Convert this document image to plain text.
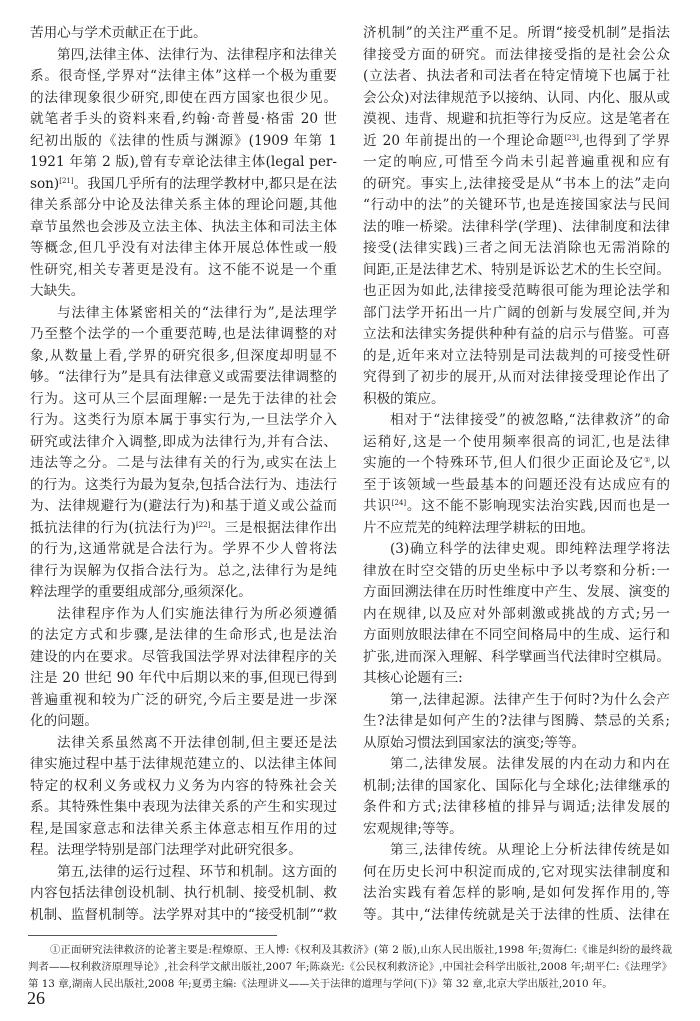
苦用心与学术贡献正在于此。
第四,法律主体、法律行为、法律程序和法律关
系。很奇怪,学界对“法律主体”这样一个极为重要
的法律现象很少研究,即使在西方国家也很少见。
就笔者手头的资料来看,约翰·奇普曼·格雷 20 世
纪初出版的《法律的性质与渊源》(1909 年第 1
1921 年第 2 版),曾有专章论法律主体(legal per-
son)[21]。我国几乎所有的法理学教材中,都只是在法
律关系部分中论及法律关系主体的理论问题,其他
章节虽然也会涉及立法主体、执法主体和司法主体
等概念,但几乎没有对法律主体开展总体性或一般
性研究,相关专著更是没有。这不能不说是一个重
大缺失。
与法律主体紧密相关的“法律行为”,是法理学
乃至整个法学的一个重要范畴,也是法律调整的对
象,从数量上看,学界的研究很多,但深度却明显不
够。“法律行为”是具有法律意义或需要法律调整的
行为。这可从三个层面理解:一是先于法律的社会
行为。这类行为原本属于事实行为,一旦法学介入
研究或法律介入调整,即成为法律行为,并有合法、
违法等之分。二是与法律有关的行为,或实在法上
的行为。这类行为最为复杂,包括合法行为、违法行
为、法律规避行为(避法行为)和基于道义或公益而
抵抗法律的行为(抗法行为)[22]。三是根据法律作出
的行为,这通常就是合法行为。学界不少人曾将法
律行为误解为仅指合法行为。总之,法律行为是纯
粹法理学的重要组成部分,亟须深化。
法律程序作为人们实施法律行为所必须遵循
的法定方式和步骤,是法律的生命形式,也是法治
建设的内在要求。尽管我国法学界对法律程序的关
注是 20 世纪 90 年代中后期以来的事,但现已得到
普遍重视和较为广泛的研究,今后主要是进一步深
化的问题。
法律关系虽然离不开法律创制,但主要还是法
律实施过程中基于法律规范建立的、以法律主体间
特定的权利义务或权力义务为内容的特殊社会关
系。其特殊性集中表现为法律关系的产生和实现过
程,是国家意志和法律关系主体意志相互作用的过
程。法理学特别是部门法理学对此研究很多。
第五,法律的运行过程、环节和机制。这方面的
内容包括法律创设机制、执行机制、接受机制、救
机制、监督机制等。法学界对其中的“接受机制”“救
济机制”的关注严重不足。所谓“接受机制”是指法
律接受方面的研究。而法律接受指的是社会公众
(立法者、执法者和司法者在特定情境下也属于社
会公众)对法律规范予以接纳、认同、内化、服从或
漠视、违背、规避和抗拒等行为反应。这是笔者在
近 20 年前提出的一个理论命题[23],也得到了学界
一定的响应,可惜至今尚未引起普遍重视和应有
的研究。事实上,法律接受是从“书本上的法”走向
“行动中的法”的关键环节,也是连接国家法与民间
法的唯一桥梁。法律科学(学理)、法律制度和法律
接受(法律实践)三者之间无法消除也无需消除的
间距,正是法律艺术、特别是诉讼艺术的生长空间。
也正因为如此,法律接受范畴很可能为理论法学和
部门法学开拓出一片广阔的创新与发展空间,并为
立法和法律实务提供种种有益的启示与借鉴。可喜
的是,近年来对立法特别是司法裁判的可接受性研
究得到了初步的展开,从而对法律接受理论作出了
积极的策应。
相对于“法律接受”的被忽略,“法律救济”的命
运稍好,这是一个使用频率很高的词汇,也是法律
实施的一个特殊环节,但人们很少正面论及它①,以
至于该领域一些最基本的问题还没有达成应有的
共识[24]。这不能不影响现实法治实践,因而也是一
片不应荒芜的纯粹法理学耕耘的田地。
(3)确立科学的法律史观。即纯粹法理学将法
律放在时空交错的历史坐标中予以考察和分析:一
方面回溯法律在历时性维度中产生、发展、演变的
内在规律,以及应对外部刺激或挑战的方式;另一
方面则放眼法律在不同空间格局中的生成、运行和
扩张,进而深入理解、科学擘画当代法律时空棋局。
其核心论题有三:
第一,法律起源。法律产生于何时?为什么会产
生?法律是如何产生的?法律与图腾、禁忌的关系;
从原始习惯法到国家法的演变;等等。
第二,法律发展。法律发展的内在动力和内在
机制;法律的国家化、国际化与全球化;法律继承的
条件和方式;法律移植的排异与调适;法律发展的
宏观规律;等等。
第三,法律传统。从理论上分析法律传统是如
何在历史长河中积淀而成的,它对现实法律制度和
法治实践有着怎样的影响,是如何发挥作用的,等
等。其中,“法律传统就是关于法律的性质、法律在
①正面研究法律救济的论著主要是:程燎原、王人博:《权利及其救济》(第 2 版),山东人民出版社,1998 年;贺海仁:《谁是纠纷的最终裁
判者——权利救济原理导论》,社会科学文献出版社,2007 年;陈焱光:《公民权利救济论》,中国社会科学出版社,2008 年;胡平仁:《法理学》
第 13 章,湖南人民出版社,2008 年;夏勇主编:《法理讲义——关于法律的道理与学问(下)》第 32 章,北京大学出版社,2010 年。
26
